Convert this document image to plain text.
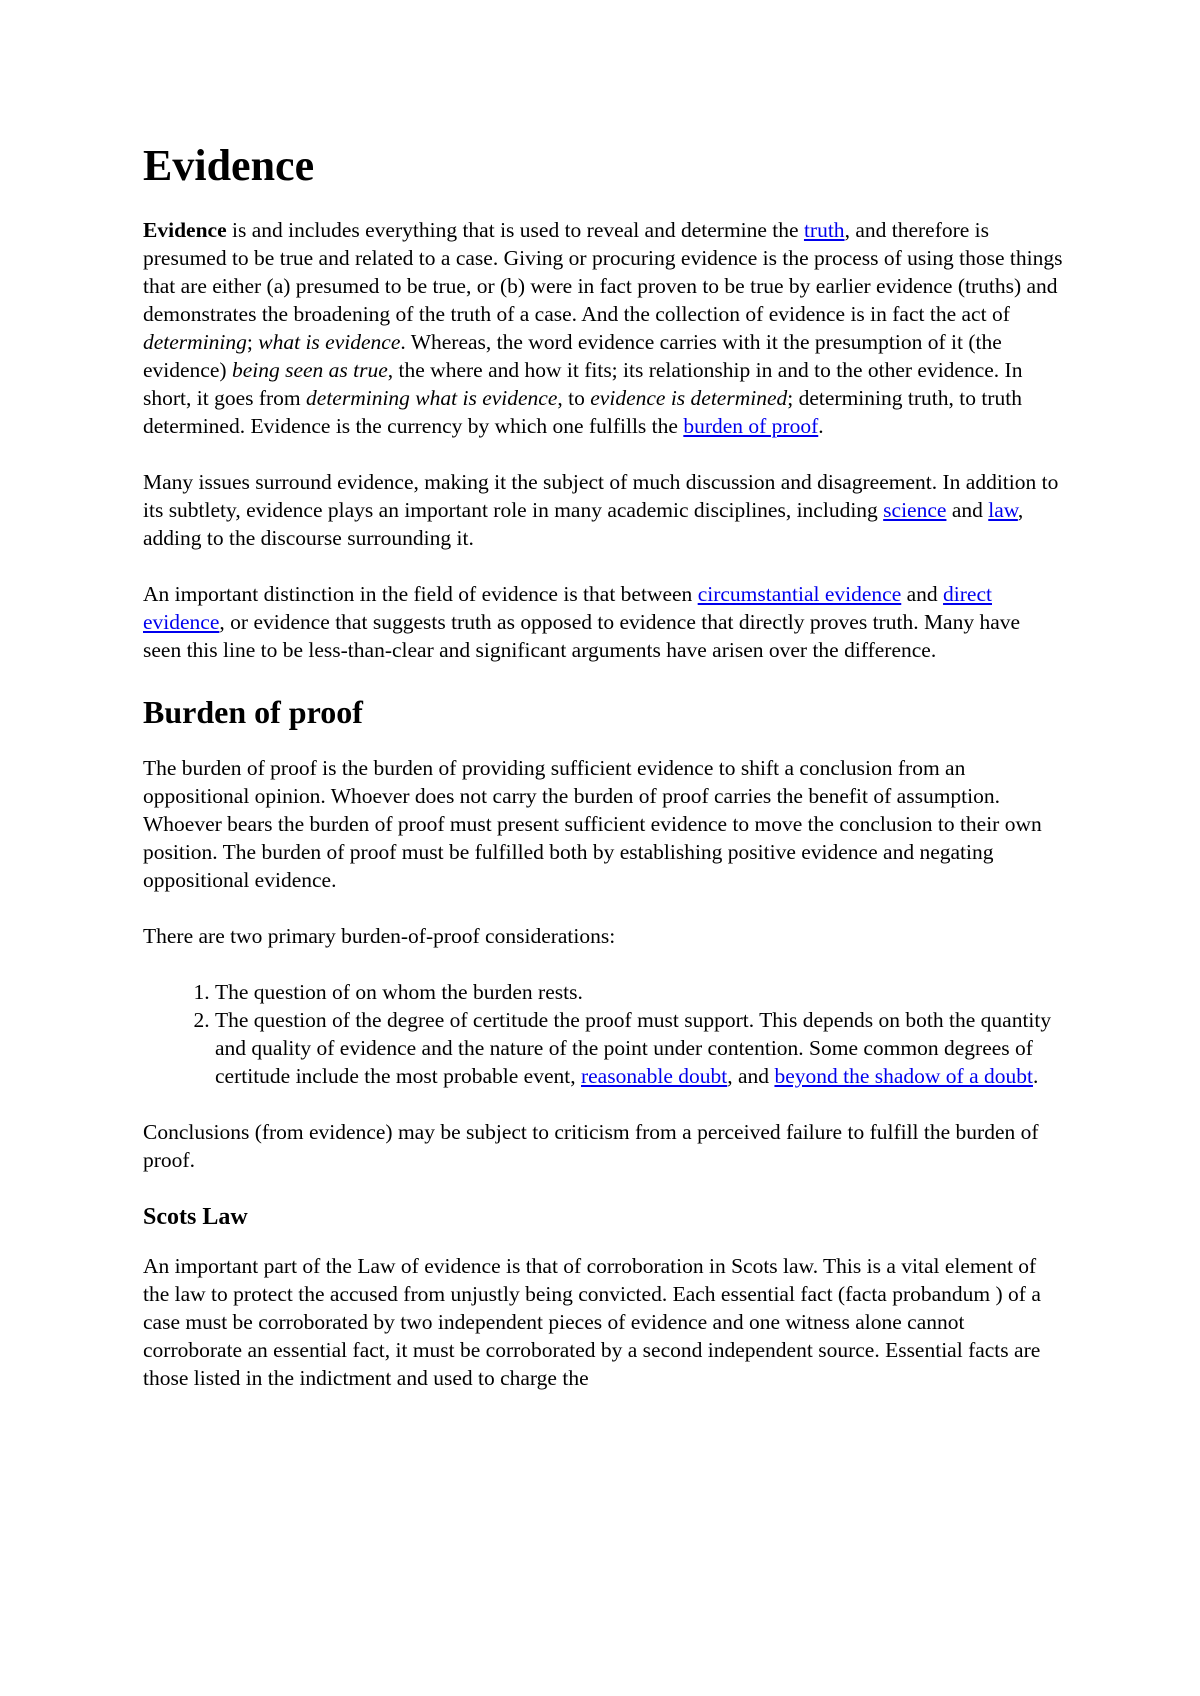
Evidence

Evidence is and includes everything that is used to reveal and determine the truth, and therefore is presumed to be true and related to a case. Giving or procuring evidence is the process of using those things that are either (a) presumed to be true, or (b) were in fact proven to be true by earlier evidence (truths) and demonstrates the broadening of the truth of a case. And the collection of evidence is in fact the act of determining; what is evidence. Whereas, the word evidence carries with it the presumption of it (the evidence) being seen as true, the where and how it fits; its relationship in and to the other evidence. In short, it goes from determining what is evidence, to evidence is determined; determining truth, to truth determined. Evidence is the currency by which one fulfills the burden of proof.

Many issues surround evidence, making it the subject of much discussion and disagreement. In addition to its subtlety, evidence plays an important role in many academic disciplines, including science and law, adding to the discourse surrounding it.

An important distinction in the field of evidence is that between circumstantial evidence and direct evidence, or evidence that suggests truth as opposed to evidence that directly proves truth. Many have seen this line to be less-than-clear and significant arguments have arisen over the difference.

Burden of proof

The burden of proof is the burden of providing sufficient evidence to shift a conclusion from an oppositional opinion. Whoever does not carry the burden of proof carries the benefit of assumption. Whoever bears the burden of proof must present sufficient evidence to move the conclusion to their own position. The burden of proof must be fulfilled both by establishing positive evidence and negating oppositional evidence.

There are two primary burden-of-proof considerations:

1. The question of on whom the burden rests.
2. The question of the degree of certitude the proof must support. This depends on both the quantity and quality of evidence and the nature of the point under contention. Some common degrees of certitude include the most probable event, reasonable doubt, and beyond the shadow of a doubt.

Conclusions (from evidence) may be subject to criticism from a perceived failure to fulfill the burden of proof.

Scots Law

An important part of the Law of evidence is that of corroboration in Scots law. This is a vital element of the law to protect the accused from unjustly being convicted. Each essential fact (facta probandum ) of a case must be corroborated by two independent pieces of evidence and one witness alone cannot corroborate an essential fact, it must be corroborated by a second independent source. Essential facts are those listed in the indictment and used to charge the
